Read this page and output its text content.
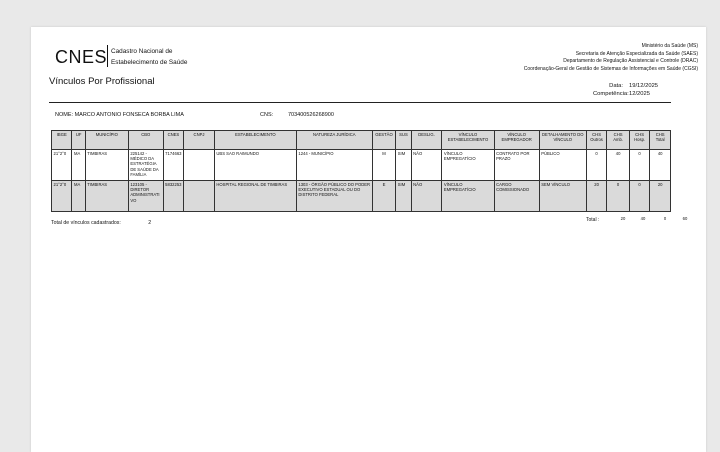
CNES Cadastro Nacional de
Estabelecimento de Saúde
Vínculos Por Profissional
Ministério da Saúde (MS)
Secretaria de Atenção Especializada da Saúde (SAES)
Departamento de Regulação Assistencial e Controle (DRAC)
Coordenação-Geral de Gestão de Sistemas de Informações em Saúde (CGSI)
Data: 19/12/2025
Competência: 12/2025
NOME: MARCO ANTONIO FONSECA BORBA LIMA	CNS:	703400526268900
IBGE	UF	MUNICÍPIO	CBO	CNES	CNPJ	ESTABELECIMENTO	NATUREZA JURÍDICA	GESTÃO	SUS	DESLIG.	VÍNCULO ESTABELECIMENTO	VÍNCULO EMPREGADOR	DETALHAMENTO DO VÍNCULO	CHS Outros	CHS Amb.	CHS Hosp.	CHS Total
21°2°0	MA	TIMBIRAS	225142 - MÉDICO DA ESTRATÉGIA DE SAÚDE DA FAMÍLIA	7174663		UBS SAO RAIMUNDO	1244 - MUNICÍPIO	M	SIM	NÃO	VÍNCULO EMPREGATÍCIO	CONTRATO POR PRAZO	PÚBLICO	0	40	0	40
21°2°0	MA	TIMBIRAS	123105 - DIRETOR ADMINISTRATIVO	5832253		HOSPITAL REGIONAL DE TIMBIRAS	1303 - ÓRGÃO PÚBLICO DO PODER EXECUTIVO ESTADUAL OU DO DISTRITO FEDERAL	E	SIM	NÃO	VÍNCULO EMPREGATÍCIO	CARGO COMISSIONADO	SEM VÍNCULO	20	0	0	20
Total :	20	40	0	60
Total de vínculos cadastrados:	2
